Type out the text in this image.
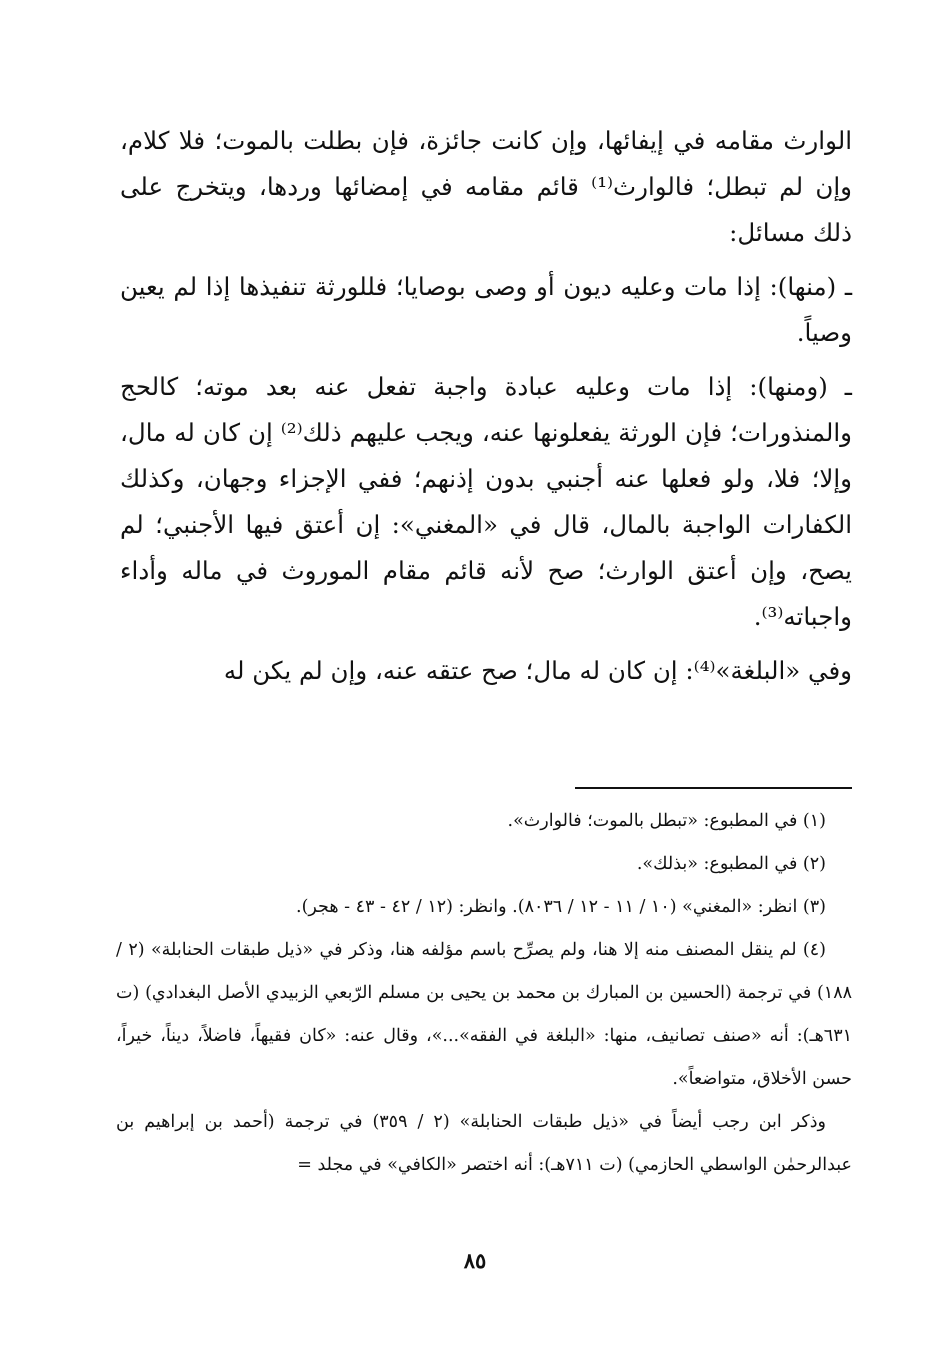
الوارث مقامه في إيفائها، وإن كانت جائزة، فإن بطلت بالموت؛ فلا كلام، وإن لم تبطل؛ فالوارث⁽¹⁾ قائم مقامه في إمضائها وردها، ويتخرج على ذلك مسائل:

ـ (منها): إذا مات وعليه ديون أو وصى بوصايا؛ فللورثة تنفيذها إذا لم يعين وصياً.

ـ (ومنها): إذا مات وعليه عبادة واجبة تفعل عنه بعد موته؛ كالحج والمنذورات؛ فإن الورثة يفعلونها عنه، ويجب عليهم ذلك⁽²⁾ إن كان له مال، وإلا؛ فلا، ولو فعلها عنه أجنبي بدون إذنهم؛ ففي الإجزاء وجهان، وكذلك الكفارات الواجبة بالمال، قال في «المغني»: إن أعتق فيها الأجنبي؛ لم يصح، وإن أعتق الوارث؛ صح لأنه قائم مقام الموروث في ماله وأداء واجباته⁽³⁾.

وفي «البلغة»⁽⁴⁾: إن كان له مال؛ صح عتقه عنه، وإن لم يكن له

(١) في المطبوع: «تبطل بالموت؛ فالوارث».

(٢) في المطبوع: «بذلك».

(٣) انظر: «المغني» (١٠ / ١١ - ١٢ / ٨٠٣٦). وانظر: (١٢ / ٤٢ - ٤٣ - هجر).

(٤) لم ينقل المصنف منه إلا هنا، ولم يصرِّح باسم مؤلفه هنا، وذكر في «ذيل طبقات الحنابلة» (٢ / ١٨٨) في ترجمة (الحسين بن المبارك بن محمد بن يحيى بن مسلم الرّبعي الزبيدي الأصل البغدادي) (ت ٦٣١هـ): أنه «صنف تصانيف، منها: «البلغة في الفقه»...»، وقال عنه: «كان فقيهاً، فاضلاً، ديناً، خيراً، حسن الأخلاق، متواضعاً».

وذكر ابن رجب أيضاً في «ذيل طبقات الحنابلة» (٢ / ٣٥٩) في ترجمة (أحمد بن إبراهيم بن عبدالرحمٰن الواسطي الحازمي) (ت ٧١١هـ): أنه اختصر «الكافي» في مجلد =

٨٥
